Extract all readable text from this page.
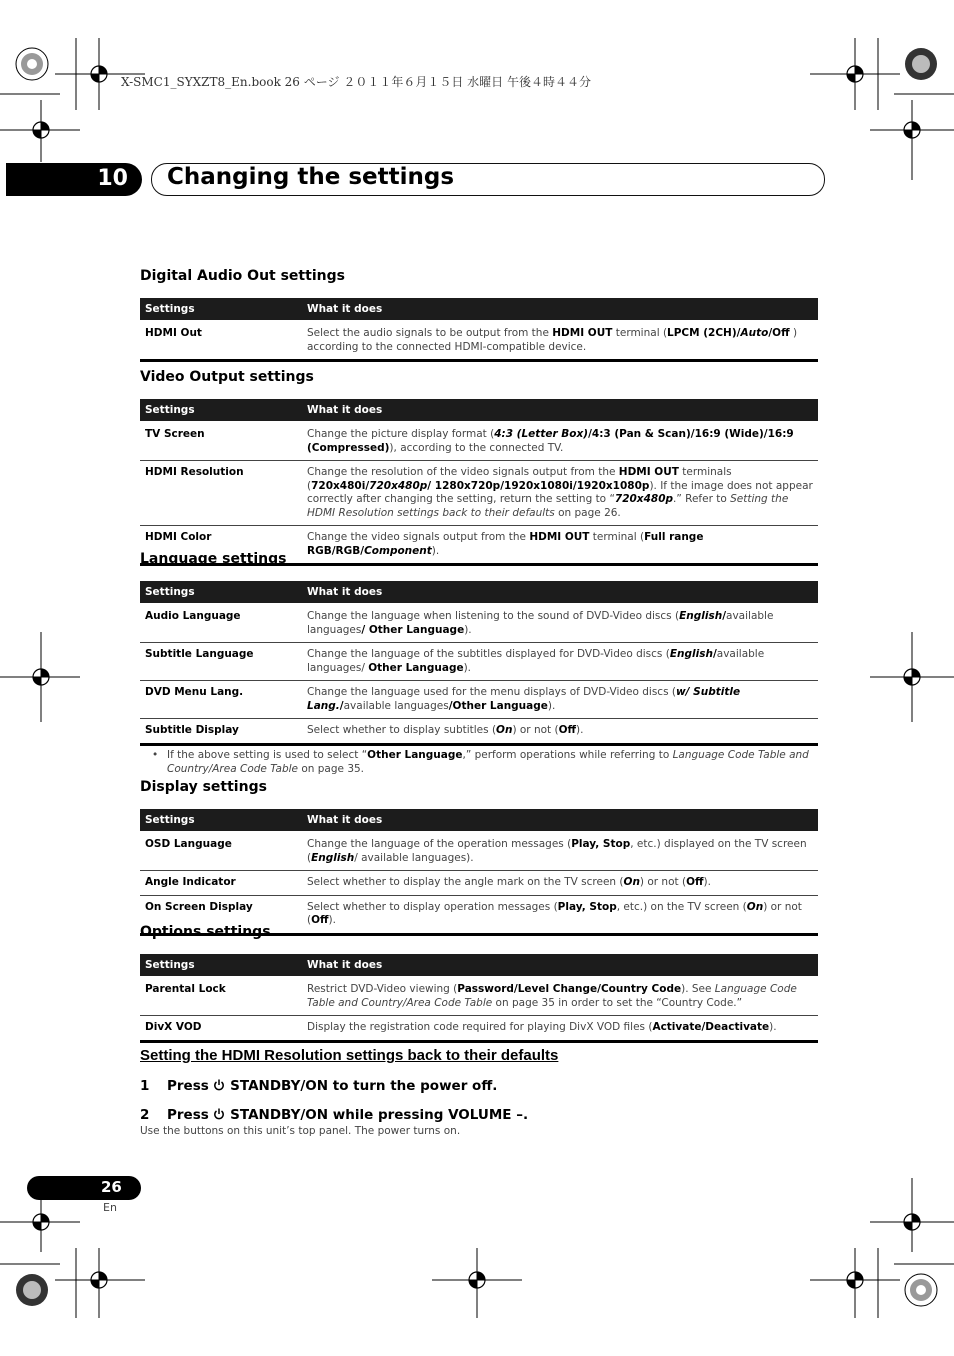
X-SMC1_SYXZT8_En.book 26 ページ ２０１１年６月１５日 水曜日 午後４時４４分
10 Changing the settings
Digital Audio Out settings
Settings	What it does
HDMI Out	Select the audio signals to be output from the HDMI OUT terminal (LPCM (2CH)/Auto/Off ) according to the connected HDMI-compatible device.
Video Output settings
Settings	What it does
TV Screen	Change the picture display format (4:3 (Letter Box)/4:3 (Pan & Scan)/16:9 (Wide)/16:9 (Compressed)), according to the connected TV.
HDMI Resolution	Change the resolution of the video signals output from the HDMI OUT terminals (720x480i/720x480p/ 1280x720p/1920x1080i/1920x1080p). If the image does not appear correctly after changing the setting, return the setting to “720x480p.” Refer to Setting the HDMI Resolution settings back to their defaults on page 26.
HDMI Color	Change the video signals output from the HDMI OUT terminal (Full range RGB/RGB/Component).
Language settings
Settings	What it does
Audio Language	Change the language when listening to the sound of DVD-Video discs (English/available languages/ Other Language).
Subtitle Language	Change the language of the subtitles displayed for DVD-Video discs (English/available languages/ Other Language).
DVD Menu Lang.	Change the language used for the menu displays of DVD-Video discs (w/ Subtitle Lang./available languages/Other Language).
Subtitle Display	Select whether to display subtitles (On) or not (Off).
• If the above setting is used to select “Other Language,” perform operations while referring to Language Code Table and Country/Area Code Table on page 35.
Display settings
Settings	What it does
OSD Language	Change the language of the operation messages (Play, Stop, etc.) displayed on the TV screen (English/ available languages).
Angle Indicator	Select whether to display the angle mark on the TV screen (On) or not (Off).
On Screen Display	Select whether to display operation messages (Play, Stop, etc.) on the TV screen (On) or not (Off).
Options settings
Settings	What it does
Parental Lock	Restrict DVD-Video viewing (Password/Level Change/Country Code). See Language Code Table and Country/Area Code Table on page 35 in order to set the “Country Code.”
DivX VOD	Display the registration code required for playing DivX VOD files (Activate/Deactivate).
Setting the HDMI Resolution settings back to their defaults
1 Press  STANDBY/ON to turn the power off.
2 Press  STANDBY/ON while pressing VOLUME –.
Use the buttons on this unit’s top panel. The power turns on.
26
En
